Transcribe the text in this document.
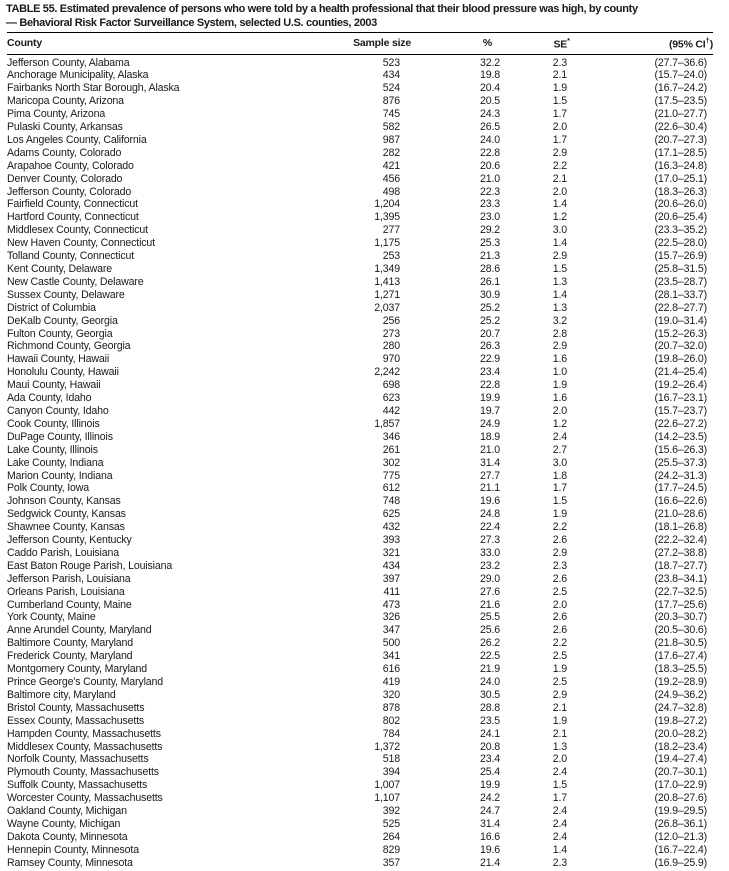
TABLE 55. Estimated prevalence of persons who were told by a health professional that their blood pressure was high, by county
— Behavioral Risk Factor Surveillance System, selected U.S. counties, 2003
County	Sample size	%	SE*	(95% CI†)
Jefferson County, Alabama	523	32.2	2.3	(27.7–36.6)
Anchorage Municipality, Alaska	434	19.8	2.1	(15.7–24.0)
Fairbanks North Star Borough, Alaska	524	20.4	1.9	(16.7–24.2)
Maricopa County, Arizona	876	20.5	1.5	(17.5–23.5)
Pima County, Arizona	745	24.3	1.7	(21.0–27.7)
Pulaski County, Arkansas	582	26.5	2.0	(22.6–30.4)
Los Angeles County, California	987	24.0	1.7	(20.7–27.3)
Adams County, Colorado	282	22.8	2.9	(17.1–28.5)
Arapahoe County, Colorado	421	20.6	2.2	(16.3–24.8)
Denver County, Colorado	456	21.0	2.1	(17.0–25.1)
Jefferson County, Colorado	498	22.3	2.0	(18.3–26.3)
Fairfield County, Connecticut	1,204	23.3	1.4	(20.6–26.0)
Hartford County, Connecticut	1,395	23.0	1.2	(20.6–25.4)
Middlesex County, Connecticut	277	29.2	3.0	(23.3–35.2)
New Haven County, Connecticut	1,175	25.3	1.4	(22.5–28.0)
Tolland County, Connecticut	253	21.3	2.9	(15.7–26.9)
Kent County, Delaware	1,349	28.6	1.5	(25.8–31.5)
New Castle County, Delaware	1,413	26.1	1.3	(23.5–28.7)
Sussex County, Delaware	1,271	30.9	1.4	(28.1–33.7)
District of Columbia	2,037	25.2	1.3	(22.8–27.7)
DeKalb County, Georgia	256	25.2	3.2	(19.0–31.4)
Fulton County, Georgia	273	20.7	2.8	(15.2–26.3)
Richmond County, Georgia	280	26.3	2.9	(20.7–32.0)
Hawaii County, Hawaii	970	22.9	1.6	(19.8–26.0)
Honolulu County, Hawaii	2,242	23.4	1.0	(21.4–25.4)
Maui County, Hawaii	698	22.8	1.9	(19.2–26.4)
Ada County, Idaho	623	19.9	1.6	(16.7–23.1)
Canyon County, Idaho	442	19.7	2.0	(15.7–23.7)
Cook County, Illinois	1,857	24.9	1.2	(22.6–27.2)
DuPage County, Illinois	346	18.9	2.4	(14.2–23.5)
Lake County, Illinois	261	21.0	2.7	(15.6–26.3)
Lake County, Indiana	302	31.4	3.0	(25.5–37.3)
Marion County, Indiana	775	27.7	1.8	(24.2–31.3)
Polk County, Iowa	612	21.1	1.7	(17.7–24.5)
Johnson County, Kansas	748	19.6	1.5	(16.6–22.6)
Sedgwick County, Kansas	625	24.8	1.9	(21.0–28.6)
Shawnee County, Kansas	432	22.4	2.2	(18.1–26.8)
Jefferson County, Kentucky	393	27.3	2.6	(22.2–32.4)
Caddo Parish, Louisiana	321	33.0	2.9	(27.2–38.8)
East Baton Rouge Parish, Louisiana	434	23.2	2.3	(18.7–27.7)
Jefferson Parish, Louisiana	397	29.0	2.6	(23.8–34.1)
Orleans Parish, Louisiana	411	27.6	2.5	(22.7–32.5)
Cumberland County, Maine	473	21.6	2.0	(17.7–25.6)
York County, Maine	326	25.5	2.6	(20.3–30.7)
Anne Arundel County, Maryland	347	25.6	2.6	(20.5–30.6)
Baltimore County, Maryland	500	26.2	2.2	(21.8–30.5)
Frederick County, Maryland	341	22.5	2.5	(17.6–27.4)
Montgomery County, Maryland	616	21.9	1.9	(18.3–25.5)
Prince George's County, Maryland	419	24.0	2.5	(19.2–28.9)
Baltimore city, Maryland	320	30.5	2.9	(24.9–36.2)
Bristol County, Massachusetts	878	28.8	2.1	(24.7–32.8)
Essex County, Massachusetts	802	23.5	1.9	(19.8–27.2)
Hampden County, Massachusetts	784	24.1	2.1	(20.0–28.2)
Middlesex County, Massachusetts	1,372	20.8	1.3	(18.2–23.4)
Norfolk County, Massachusetts	518	23.4	2.0	(19.4–27.4)
Plymouth County, Massachusetts	394	25.4	2.4	(20.7–30.1)
Suffolk County, Massachusetts	1,007	19.9	1.5	(17.0–22.9)
Worcester County, Massachusetts	1,107	24.2	1.7	(20.8–27.6)
Oakland County, Michigan	392	24.7	2.4	(19.9–29.5)
Wayne County, Michigan	525	31.4	2.4	(26.8–36.1)
Dakota County, Minnesota	264	16.6	2.4	(12.0–21.3)
Hennepin County, Minnesota	829	19.6	1.4	(16.7–22.4)
Ramsey County, Minnesota	357	21.4	2.3	(16.9–25.9)
